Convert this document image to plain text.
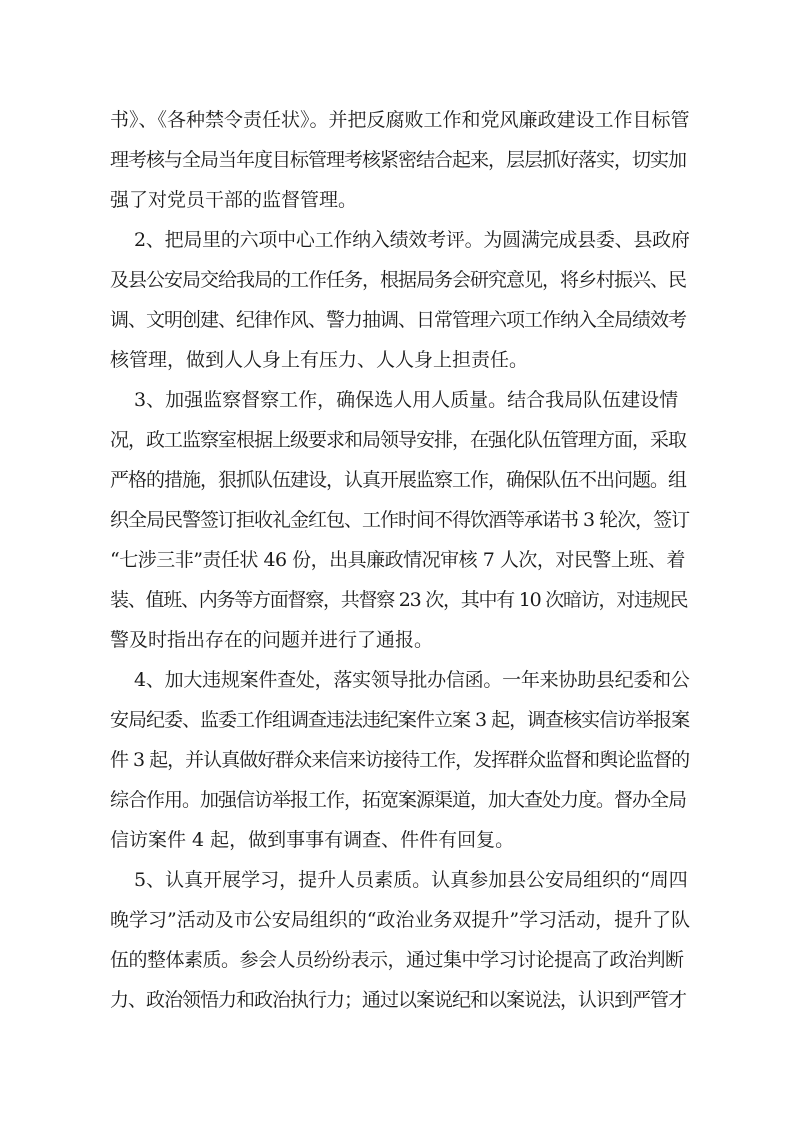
书》、《各种禁令责任状》。并把反腐败工作和党风廉政建设工作目标管
理考核与全局当年度目标管理考核紧密结合起来，层层抓好落实，切实加
强了对党员干部的监督管理。
2、把局里的六项中心工作纳入绩效考评。为圆满完成县委、县政府
及县公安局交给我局的工作任务，根据局务会研究意见，将乡村振兴、民
调、文明创建、纪律作风、警力抽调、日常管理六项工作纳入全局绩效考
核管理，做到人人身上有压力、人人身上担责任。
3、加强监察督察工作，确保选人用人质量。结合我局队伍建设情
况，政工监察室根据上级要求和局领导安排，在强化队伍管理方面，采取
严格的措施，狠抓队伍建设，认真开展监察工作，确保队伍不出问题。组
织全局民警签订拒收礼金红包、工作时间不得饮酒等承诺书 3 轮次，签订
“七涉三非”责任状 46 份，出具廉政情况审核 7 人次，对民警上班、着
装、值班、内务等方面督察，共督察 23 次，其中有 10 次暗访，对违规民
警及时指出存在的问题并进行了通报。
4、加大违规案件查处，落实领导批办信函。一年来协助县纪委和公
安局纪委、监委工作组调查违法违纪案件立案 3 起，调查核实信访举报案
件 3 起，并认真做好群众来信来访接待工作，发挥群众监督和舆论监督的
综合作用。加强信访举报工作，拓宽案源渠道，加大查处力度。督办全局
信访案件 4 起，做到事事有调查、件件有回复。
5、认真开展学习，提升人员素质。认真参加县公安局组织的“周四
晚学习”活动及市公安局组织的“政治业务双提升”学习活动，提升了队
伍的整体素质。参会人员纷纷表示，通过集中学习讨论提高了政治判断
力、政治领悟力和政治执行力；通过以案说纪和以案说法，认识到严管才
